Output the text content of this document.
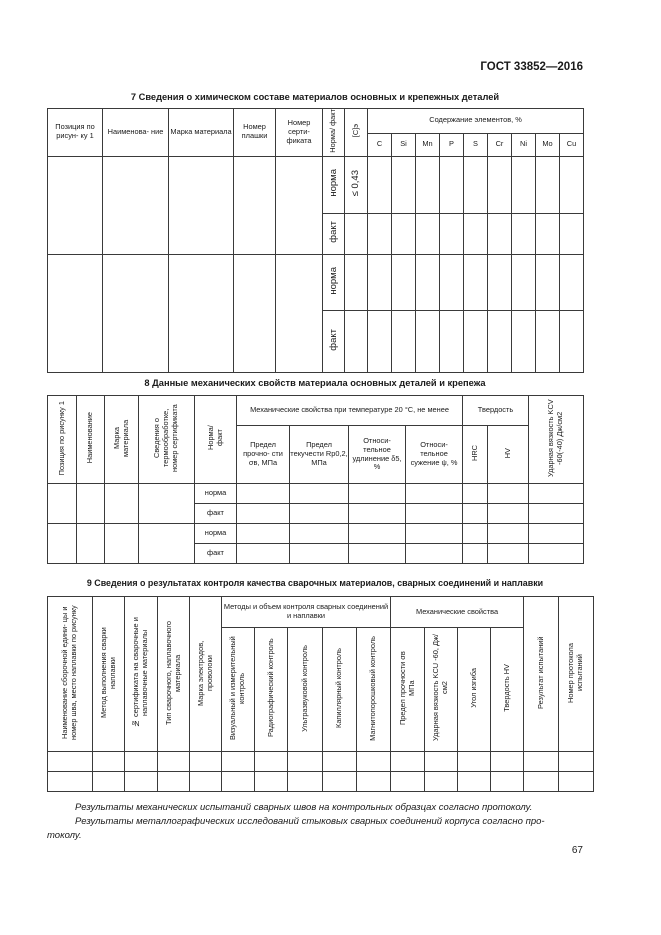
ГОСТ 33852—2016
7 Сведения о химическом составе материалов основных и крепежных деталей
Позиция по рисун- ку 1	Наименова- ние	Марка материала	Номер плашки	Номер серти- фиката	Норма/ факт	[C]э	Содержание элементов, %								
							C	Si	Mn	P	S	Cr	Ni	Mo	Cu
					норма	≤ 0,43									
					факт										
					норма										
					факт										
8 Данные механических свойств материала основных деталей и крепежа
Позиция по рисунку 1	Наименование	Марка материала	Сведения о термообработке, номер сертификата	Норма/ факт	Механические свойства при температуре 20 °С, не менее				Твердость		Ударная вязкость KCV -60(-40) Дж/см2
					Предел прочно- сти σв, МПа	Предел текучести Rp0,2, МПа	Относи- тельное удлинение δ5, %	Относи- тельное сужение ψ, %	HRC	HV	

				норма							
				факт							
				норма							
				факт							
9 Сведения о результатах контроля качества сварочных материалов, сварных соединений и наплавки
Наименование сборочной едини- цы и номер шва, место наплавки по рисунку	Метод выполнения сварки наплавки	№ сертификата на сварочные и наплавочные материалы	Тип сварочного, наплавочного материала	Марка электродов, проволоки	Методы и объем контроля сварных соединений и наплавки					Механические свойства				Результат испытаний	Номер протокола испытаний
					Визуальный и измерительный контроль	Радиографический контроль	Ультразвуковой контроль	Капиллярный контроль	Магнитопорошковый контроль	Предел прочности σв МПа	Ударная вязкость KCU -60, Дж/см2	Угол изгиба	Твердость HV		

Результаты механических испытаний сварных швов на контрольных образцах согласно протоколу.
Результаты металлографических исследований стыковых сварных соединений корпуса согласно про-
токолу.
67
